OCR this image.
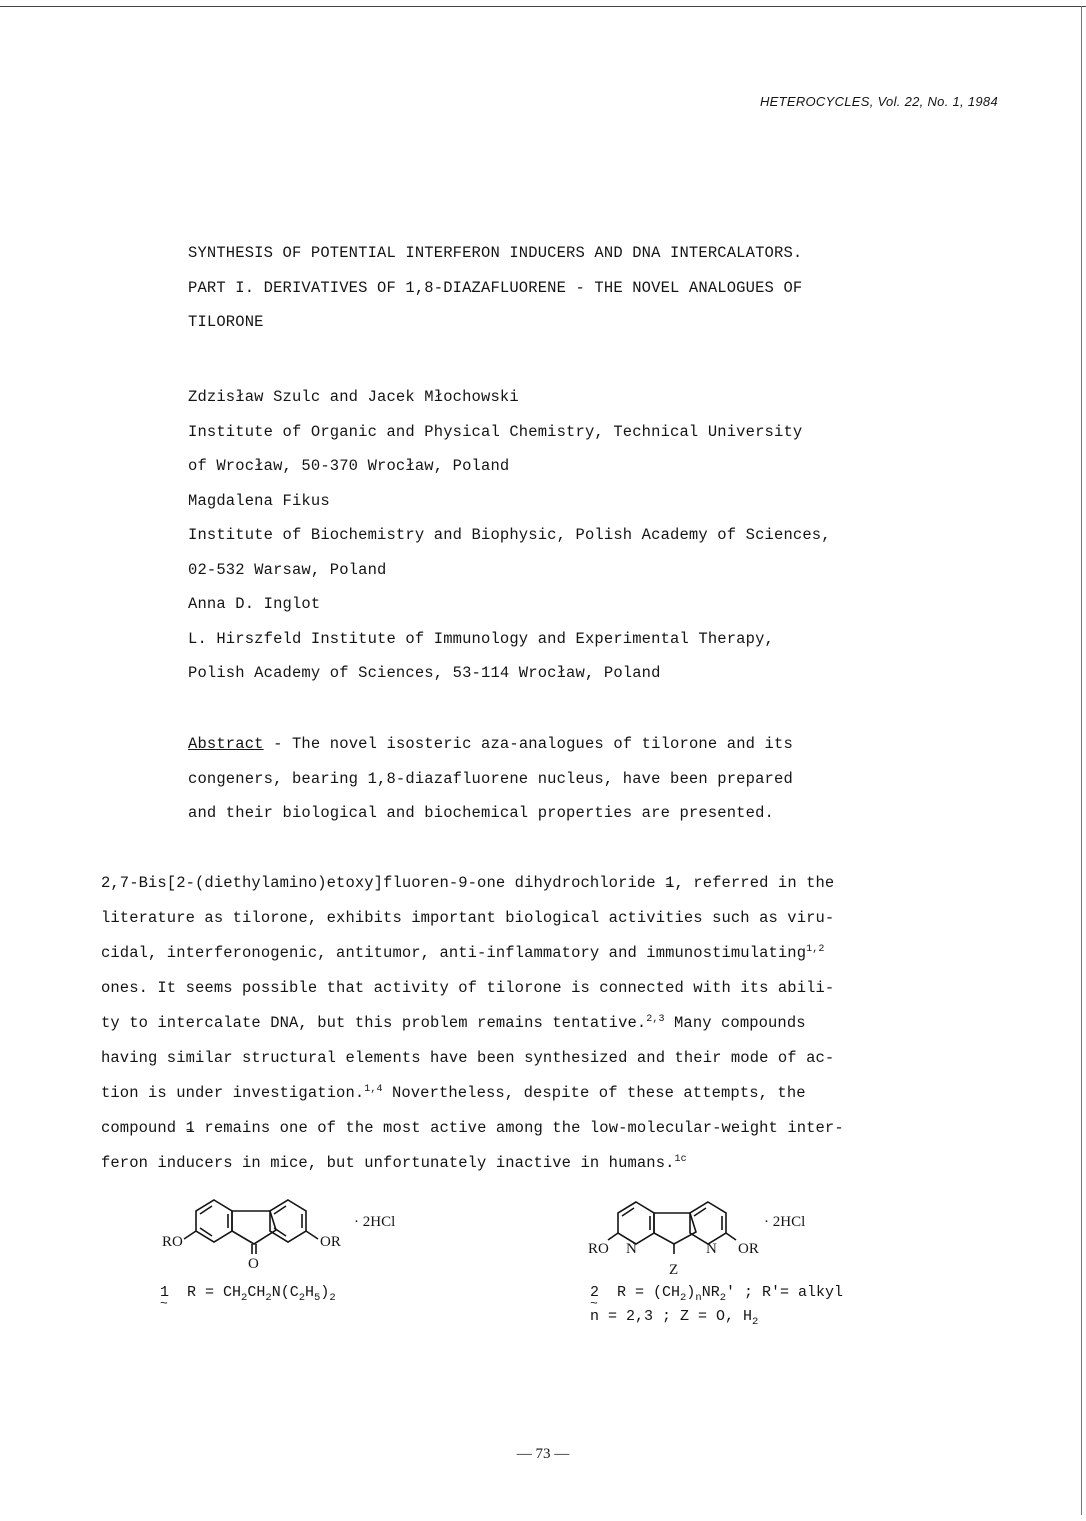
HETEROCYCLES, Vol. 22, No. 1, 1984
SYNTHESIS OF POTENTIAL INTERFERON INDUCERS AND DNA INTERCALATORS.
PART I. DERIVATIVES OF 1,8-DIAZAFLUORENE - THE NOVEL ANALOGUES OF
TILORONE
Zdzisław Szulc and Jacek Młochowski
Institute of Organic and Physical Chemistry, Technical University
of Wrocław, 50-370 Wrocław, Poland
Magdalena Fikus
Institute of Biochemistry and Biophysic, Polish Academy of Sciences,
02-532 Warsaw, Poland
Anna D. Inglot
L. Hirszfeld Institute of Immunology and Experimental Therapy,
Polish Academy of Sciences, 53-114 Wrocław, Poland
Abstract - The novel isosteric aza-analogues of tilorone and its
congeners, bearing 1,8-diazafluorene nucleus, have been prepared
and their biological and biochemical properties are presented.
2,7-Bis[2-(diethylamino)etoxy]fluoren-9-one dihydrochloride 1 ~, referred in the
literature as tilorone, exhibits important biological activities such as viru-
cidal, interferonogenic, antitumor, anti-inflammatory and immunostimulating$^{1,2}$
ones. It seems possible that activity of tilorone is connected with its abili-
ty to intercalate DNA, but this problem remains tentative.$^{2,3}$ Many compounds
having similar structural elements have been synthesized and their mode of ac-
tion is under investigation.$^{1,4}$ Novertheless, despite of these attempts, the
compound 1 ~ remains one of the most active among the low-molecular-weight inter-
feron inducers in mice, but unfortunately inactive in humans.$^{1c}$
RO	OR
O
· 2HCl
1 ~ $R = CH_2CH_2N(C_2H_5)_2$
RO N	N OR
Z
· 2HCl
2 ~ $R = (CH_2)_nNR_2'$ ; R′= alkyl
n = 2,3 ; Z = O, $H_2$
— 73 —
